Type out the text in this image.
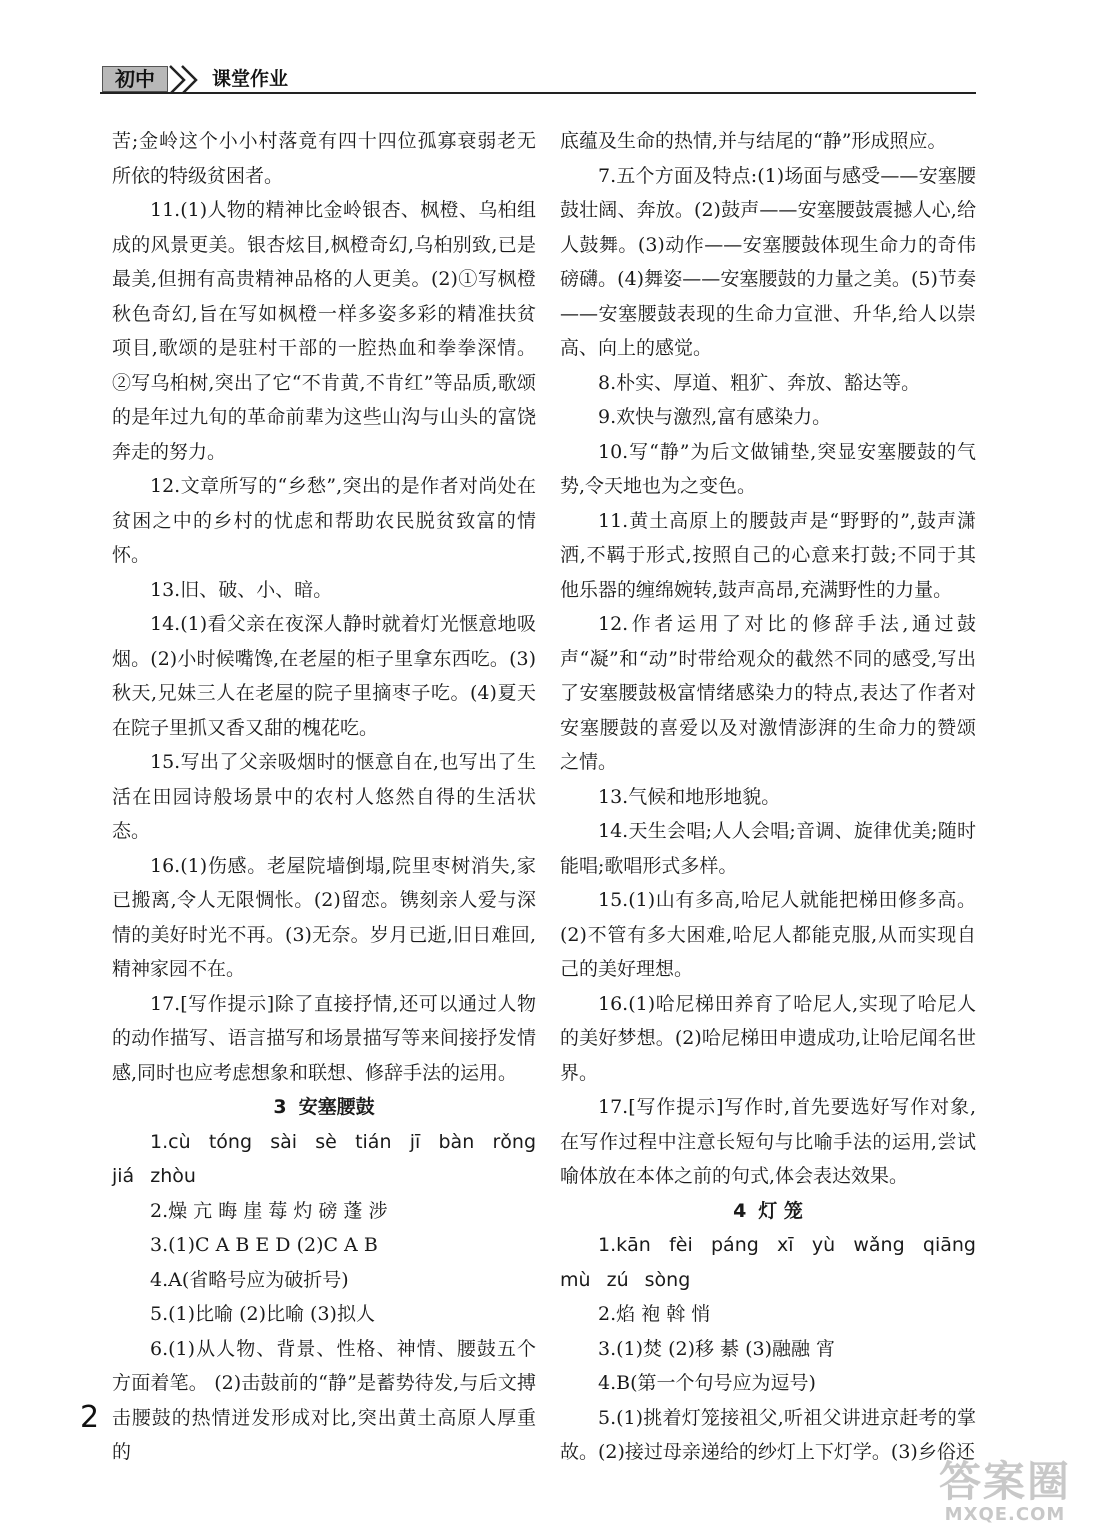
初中	课堂作业

苦;金岭这个小小村落竟有四十四位孤寡衰弱老无所依的特级贫困者。

11.(1)人物的精神比金岭银杏、枫橙、乌桕组成的风景更美。银杏炫目,枫橙奇幻,乌桕别致,已是最美,但拥有高贵精神品格的人更美。(2)①写枫橙秋色奇幻,旨在写如枫橙一样多姿多彩的精准扶贫项目,歌颂的是驻村干部的一腔热血和拳拳深情。②写乌桕树,突出了它“不肯黄,不肯红”等品质,歌颂的是年过九旬的革命前辈为这些山沟与山头的富饶奔走的努力。

12.文章所写的“乡愁”,突出的是作者对尚处在贫困之中的乡村的忧虑和帮助农民脱贫致富的情怀。

13.旧、破、小、暗。

14.(1)看父亲在夜深人静时就着灯光惬意地吸烟。(2)小时候嘴馋,在老屋的柜子里拿东西吃。(3)秋天,兄妹三人在老屋的院子里摘枣子吃。(4)夏天在院子里抓又香又甜的槐花吃。

15.写出了父亲吸烟时的惬意自在,也写出了生活在田园诗般场景中的农村人悠然自得的生活状态。

16.(1)伤感。老屋院墙倒塌,院里枣树消失,家已搬离,令人无限惆怅。(2)留恋。镌刻亲人爱与深情的美好时光不再。(3)无奈。岁月已逝,旧日难回,精神家园不在。

17.[写作提示]除了直接抒情,还可以通过人物的动作描写、语言描写和场景描写等来间接抒发情感,同时也应考虑想象和联想、修辞手法的运用。

3 安塞腰鼓

1.cù tóng sài sè tián jī bàn rǒng jiá zhòu

2.燥 亢 晦 崖 莓 灼 磅 蓬 涉

3.(1)C A B E D (2)C A B

4.A(省略号应为破折号)

5.(1)比喻 (2)比喻 (3)拟人

6.(1)从人物、背景、性格、神情、腰鼓五个方面着笔。 (2)击鼓前的“静”是蓄势待发,与后文搏击腰鼓的热情迸发形成对比,突出黄土高原人厚重的

底蕴及生命的热情,并与结尾的“静”形成照应。

7.五个方面及特点:(1)场面与感受——安塞腰鼓壮阔、奔放。(2)鼓声——安塞腰鼓震撼人心,给人鼓舞。(3)动作——安塞腰鼓体现生命力的奇伟磅礴。(4)舞姿——安塞腰鼓的力量之美。(5)节奏——安塞腰鼓表现的生命力宣泄、升华,给人以崇高、向上的感觉。

8.朴实、厚道、粗犷、奔放、豁达等。

9.欢快与激烈,富有感染力。

10.写“静”为后文做铺垫,突显安塞腰鼓的气势,令天地也为之变色。

11.黄土高原上的腰鼓声是“野野的”,鼓声潇洒,不羁于形式,按照自己的心意来打鼓;不同于其他乐器的缠绵婉转,鼓声高昂,充满野性的力量。

12.作者运用了对比的修辞手法,通过鼓声“凝”和“动”时带给观众的截然不同的感受,写出了安塞腰鼓极富情绪感染力的特点,表达了作者对安塞腰鼓的喜爱以及对激情澎湃的生命力的赞颂之情。

13.气候和地形地貌。

14.天生会唱;人人会唱;音调、旋律优美;随时能唱;歌唱形式多样。

15.(1)山有多高,哈尼人就能把梯田修多高。(2)不管有多大困难,哈尼人都能克服,从而实现自己的美好理想。

16.(1)哈尼梯田养育了哈尼人,实现了哈尼人的美好梦想。(2)哈尼梯田申遗成功,让哈尼闻名世界。

17.[写作提示]写作时,首先要选好写作对象,在写作过程中注意长短句与比喻手法的运用,尝试喻体放在本体之前的句式,体会表达效果。

4 灯 笼

1.kān fèi páng xī yù wǎng qiāng mù zú sòng

2.焰 袍 斡 悄

3.(1)焚 (2)移 綦 (3)融融 宵

4.B(第一个句号应为逗号)

5.(1)挑着灯笼接祖父,听祖父讲进京赶考的掌故。(2)接过母亲递给的纱灯上下灯学。(3)乡俗还

2
答案圈
MXQE.COM
